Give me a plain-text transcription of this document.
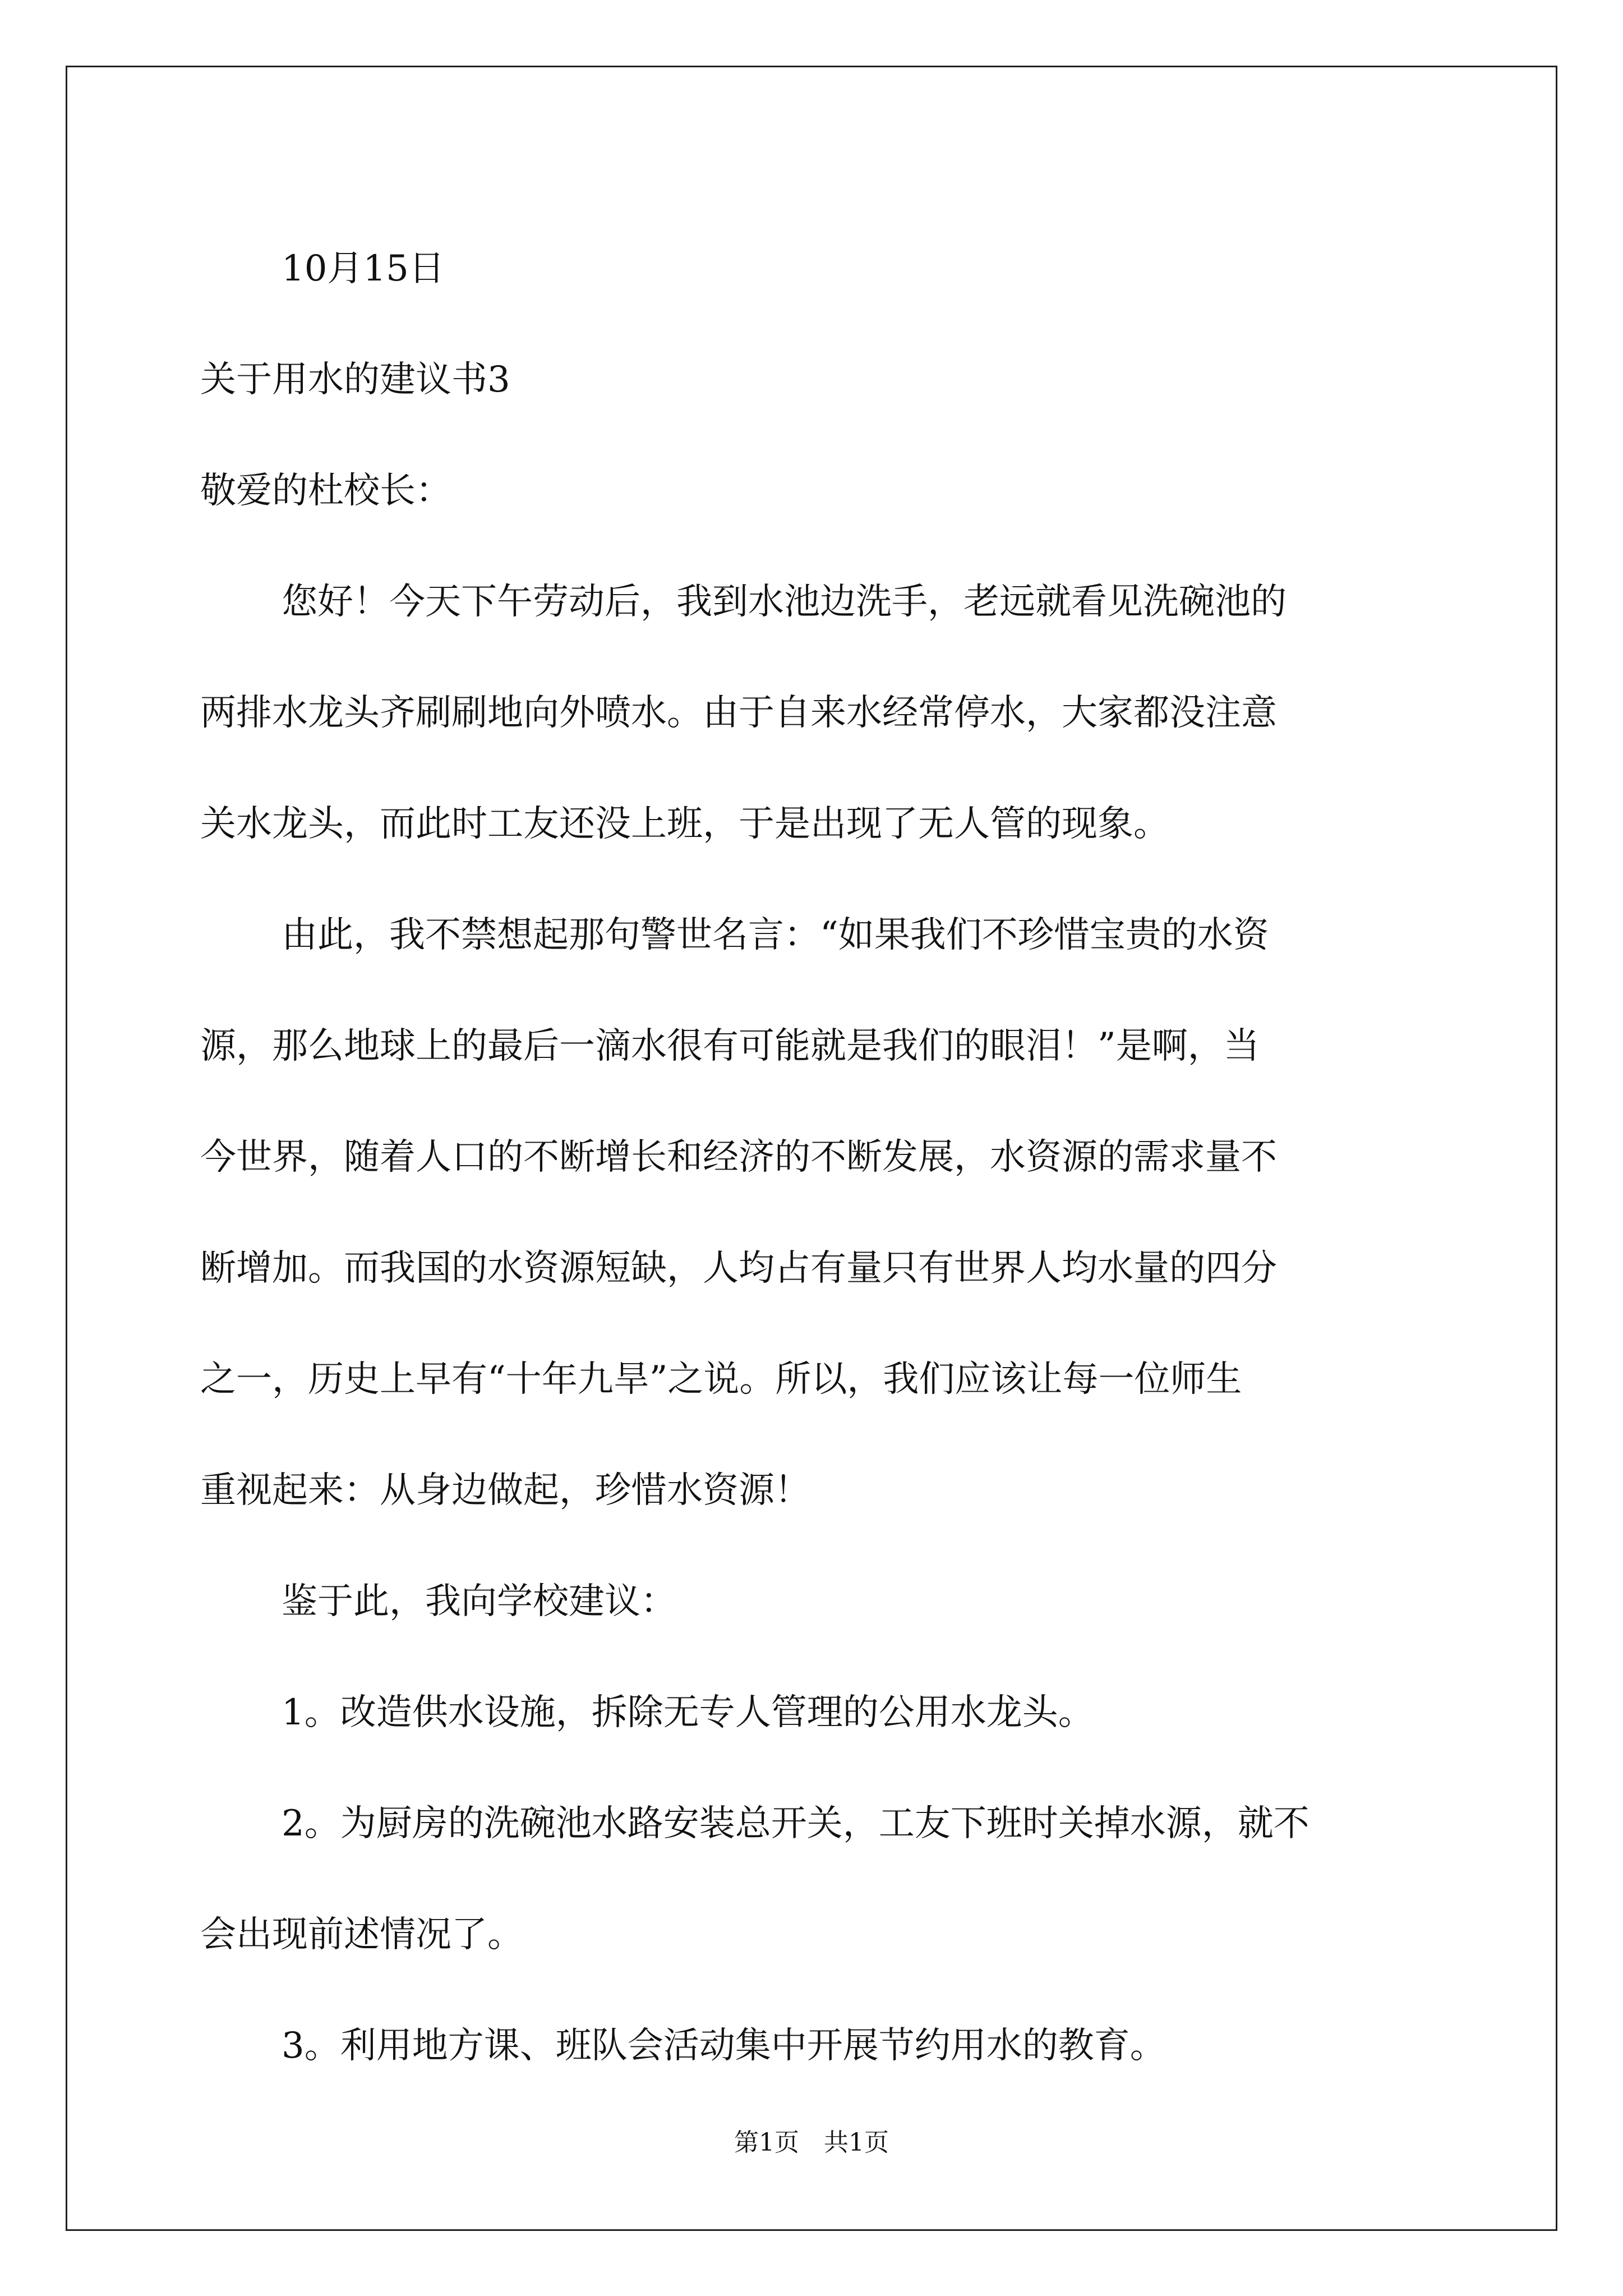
10月15日
关于用水的建议书3
敬爱的杜校长：
您好！今天下午劳动后，我到水池边洗手，老远就看见洗碗池的
两排水龙头齐刷刷地向外喷水。由于自来水经常停水，大家都没注意
关水龙头，而此时工友还没上班，于是出现了无人管的现象。
由此，我不禁想起那句警世名言：“如果我们不珍惜宝贵的水资
源，那么地球上的最后一滴水很有可能就是我们的眼泪！”是啊，当
今世界，随着人口的不断增长和经济的不断发展，水资源的需求量不
断增加。而我国的水资源短缺，人均占有量只有世界人均水量的四分
之一，历史上早有“十年九旱”之说。所以，我们应该让每一位师生
重视起来：从身边做起，珍惜水资源！
鉴于此，我向学校建议：
1。改造供水设施，拆除无专人管理的公用水龙头。
2。为厨房的洗碗池水路安装总开关，工友下班时关掉水源，就不
会出现前述情况了。
3。利用地方课、班队会活动集中开展节约用水的教育。
第1页 共1页
